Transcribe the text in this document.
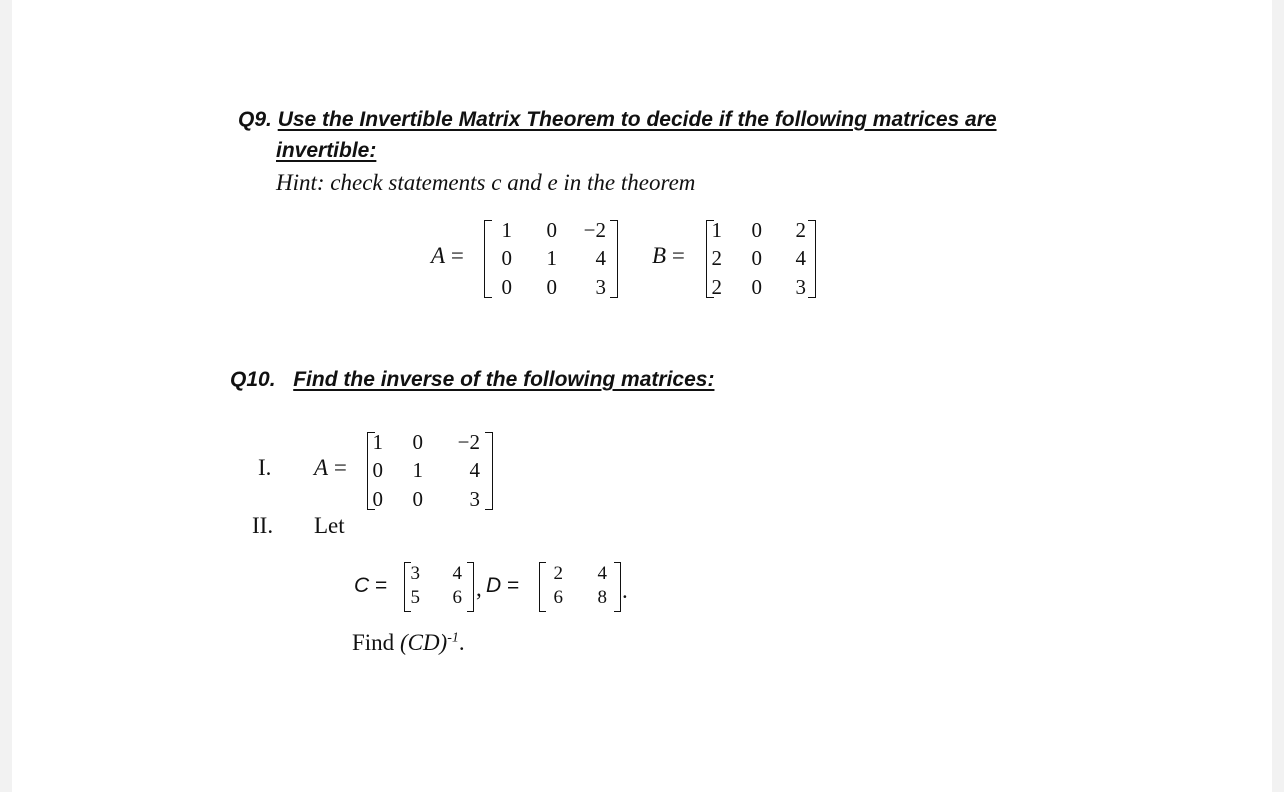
Q9. Use the Invertible Matrix Theorem to decide if the following matrices are
invertible:
Hint: check statements c and e in the theorem
A =
1	0	−2
0	1	4
0	0	3
B =
1	0	2
2	0	4
2	0	3
Q10. Find the inverse of the following matrices:
I. A =
1	0	−2
0	1	4
0	0	3
II. Let
C =
3	4
5	6 , D =
2	4
6	8 .
Find (CD)$^{-1}$.
